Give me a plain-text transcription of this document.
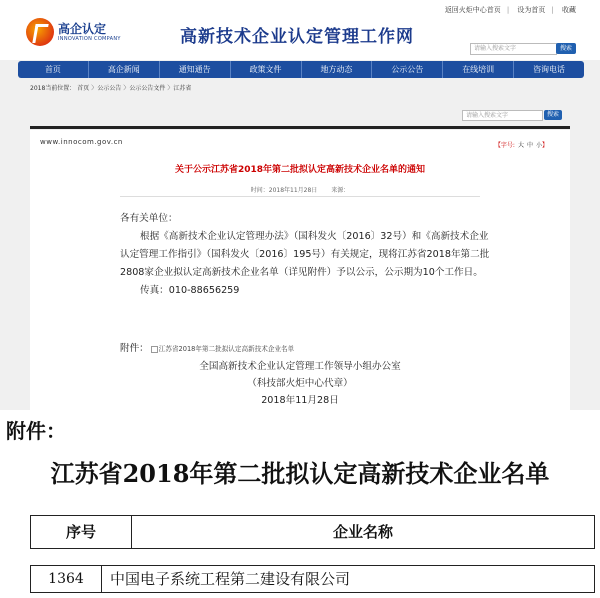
返回火炬中心首页 | 设为首页 | 收藏
高企认定
INNOVATION COMPANY	高新技术企业认定管理工作网
请输入搜索文字	搜索
首页	高企新闻	通知通告	政策文件	地方动态	公示公告	在线培训	咨询电话
2018当前位置： 首页 〉公示公告 〉公示公告文件 〉江苏省
请输入搜索文字	搜索
www.innocom.gov.cn	【字号: 大 中 小】
关于公示江苏省2018年第二批拟认定高新技术企业名单的通知
时间：2018年11月28日 来源：

各有关单位：

根据《高新技术企业认定管理办法》（国科发火〔2016〕32号）和《高新技术企业认定管理工作指引》（国科发火〔2016〕195号）有关规定，现将江苏省2018年第二批2808家企业拟认定高新技术企业名单（详见附件）予以公示，公示期为10个工作日。

传真：010-88656259

附件： 江苏省2018年第二批拟认定高新技术企业名单
全国高新技术企业认定管理工作领导小组办公室
（科技部火炬中心代章）
2018年11月28日
附件：
江苏省2018年第二批拟认定高新技术企业名单
序号	企业名称
1364	中国电子系统工程第二建设有限公司
